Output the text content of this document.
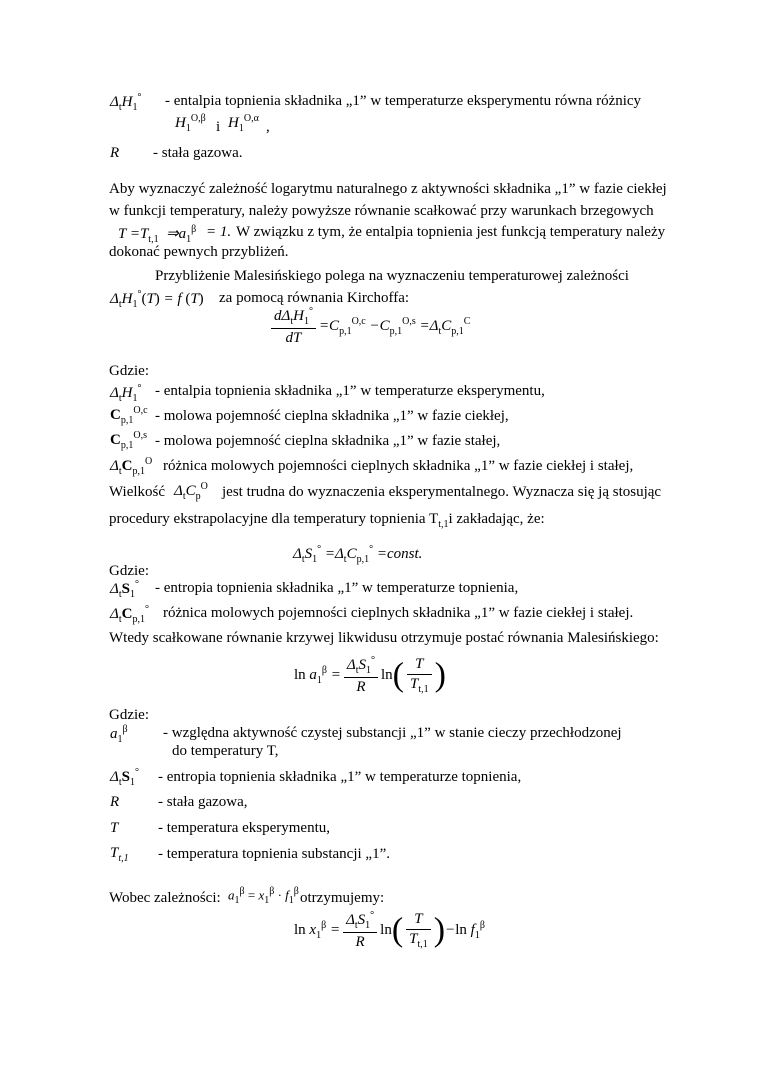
$\Delta_tH_1^\circ$ - entalpia topnienia składnika „1” w temperaturze eksperymentu równa różnicy
$H_1^{O,\beta}$
i $H_1^{O,\alpha}$
,
R - stała gazowa.
Aby wyznaczyć zależność logarytmu naturalnego z aktywności składnika „1” w fazie ciekłej
w funkcji temperatury, należy powyższe równanie scałkować przy warunkach brzegowych
$T =T_{t,1}$  $\Rightarrow a_1^\beta = 1$. W związku z tym, że entalpia topnienia jest funkcją temperatury należy
dokonać pewnych przybliżeń.
Przybliżenie Malesińskiego polega na wyznaczeniu temperaturowej zależności
$\Delta_tH_1^\circ(T) = f$ (T) za pomocą równania Kirchoffa:
$\frac{d\Delta_tH_1^\circ}{dT} =C_{p,1}^{O,c} -C_{p,1}^{O,s} =\Delta_tC_{p,1}^C$
Gdzie:
$\Delta_tH_1^\circ$ - entalpia topnienia składnika „1” w temperaturze eksperymentu,
$C_{p,1}^{O,c}$ - molowa pojemność cieplna składnika „1” w fazie ciekłej,
$C_{p,1}^{O,s}$ - molowa pojemność cieplna składnika „1” w fazie stałej,
$\Delta_tC_{p,1}^O$ różnica molowych pojemności cieplnych składnika „1” w fazie ciekłej i stałej,
Wielkość $\Delta_tC_p^O$ jest trudna do wyznaczenia eksperymentalnego. Wyznacza się ją stosując
procedury ekstrapolacyjne dla temperatury topnienia $T_{t,1}i$ zakładając, że:
$\Delta_tS_1^\circ =\Delta_tC_{p,1}^\circ$ =const.
Gdzie:
$\Delta_tS_1^\circ$ - entropia topnienia składnika „1” w temperaturze topnienia,
$\Delta_tC_{p,1}^\circ$ różnica molowych pojemności cieplnych składnika „1” w fazie ciekłej i stałej.
Wtedy scałkowane równanie krzywej likwidusu otrzymuje postać równania Malesińskiego:
$\ln a_1^\beta = \frac{\Delta_tS_1^\circ}{R} \ln( \frac{T}{T_{t,1}}$ )
Gdzie:
$a_1^\beta$ - względna aktywność czystej substancji „1” w stanie cieczy przechłodzonej
do temperatury T,
$\Delta_tS_1^\circ$ - entropia topnienia składnika „1” w temperaturze topnienia,
R	- stała gazowa,
T	- temperatura eksperymentu,
$T_{t,1}$ - temperatura topnienia substancji „1”.
Wobec zależności: $a_1^\beta = x_1^\beta \cdot f_1^\beta$ otrzymujemy:
$\ln x_1^\beta = \frac{\Delta_tS_1^\circ}{R} \ln( \frac{T}{T_{t,1}} )-\ln$ $f_1^\beta$
